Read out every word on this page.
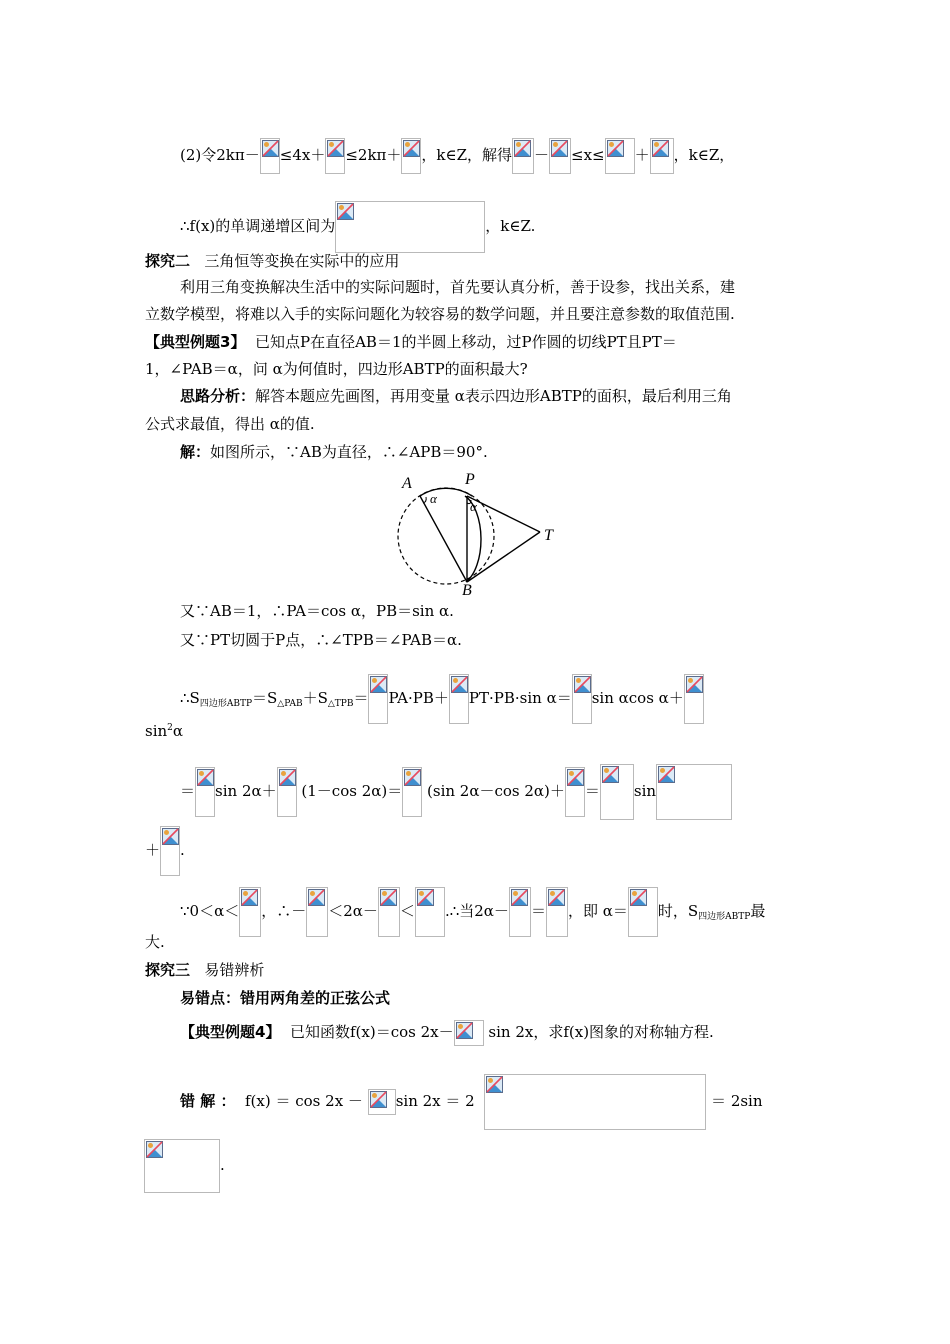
(2)令2kπ－ ≤4x＋ ≤2kπ＋ ，k∈Z，解得 － ≤x≤ ＋ ，k∈Z，
∴f(x)的单调递增区间为	，k∈Z.
探究二 三角恒等变换在实际中的应用
利用三角变换解决生活中的实际问题时，首先要认真分析，善于设参，找出关系，建
立数学模型，将难以入手的实际问题化为较容易的数学问题，并且要注意参数的取值范围.
【典型例题3】 已知点P在直径AB＝1的半圆上移动，过P作圆的切线PT且PT＝
1，∠PAB＝α，问 α为何值时，四边形ABTP的面积最大?
思路分析：解答本题应先画图，再用变量 α表示四边形ABTP的面积，最后利用三角
公式求最值，得出 α的值.
解：如图所示，∵AB为直径，∴∠APB＝90°.
A	P
B
T
α
α
又∵AB＝1，∴PA＝cos α，PB＝sin α.
又∵PT切圆于P点，∴∠TPB＝∠PAB＝α.
$\therefore S_{四边形ABTP}=S_{\triangle PAB}+S_{\triangle TPB}= PA\cdot PB+ PT\cdot PB\cdot\sin$ α＝ sin αcos α＋
$\sin^2\alpha$
＝ sin 2α＋ (1－cos 2α)＝ (sin 2α－cos 2α)＋ ＝ sin
＋ .
∵0＜α＜ ，∴－ ＜2α－ ＜ .∴当2α－ ＝ ，即 α＝ 时，$S_{四边形ABTP}$最
大.
探究三 易错辨析
易错点：错用两角差的正弦公式
【典型例题4】 已知函数f(x)＝cos 2x－ sin 2x，求f(x)图象的对称轴方程.
错 解 ： f(x) ＝ cos 2x － sin 2x ＝ 2	＝ 2sin
.
